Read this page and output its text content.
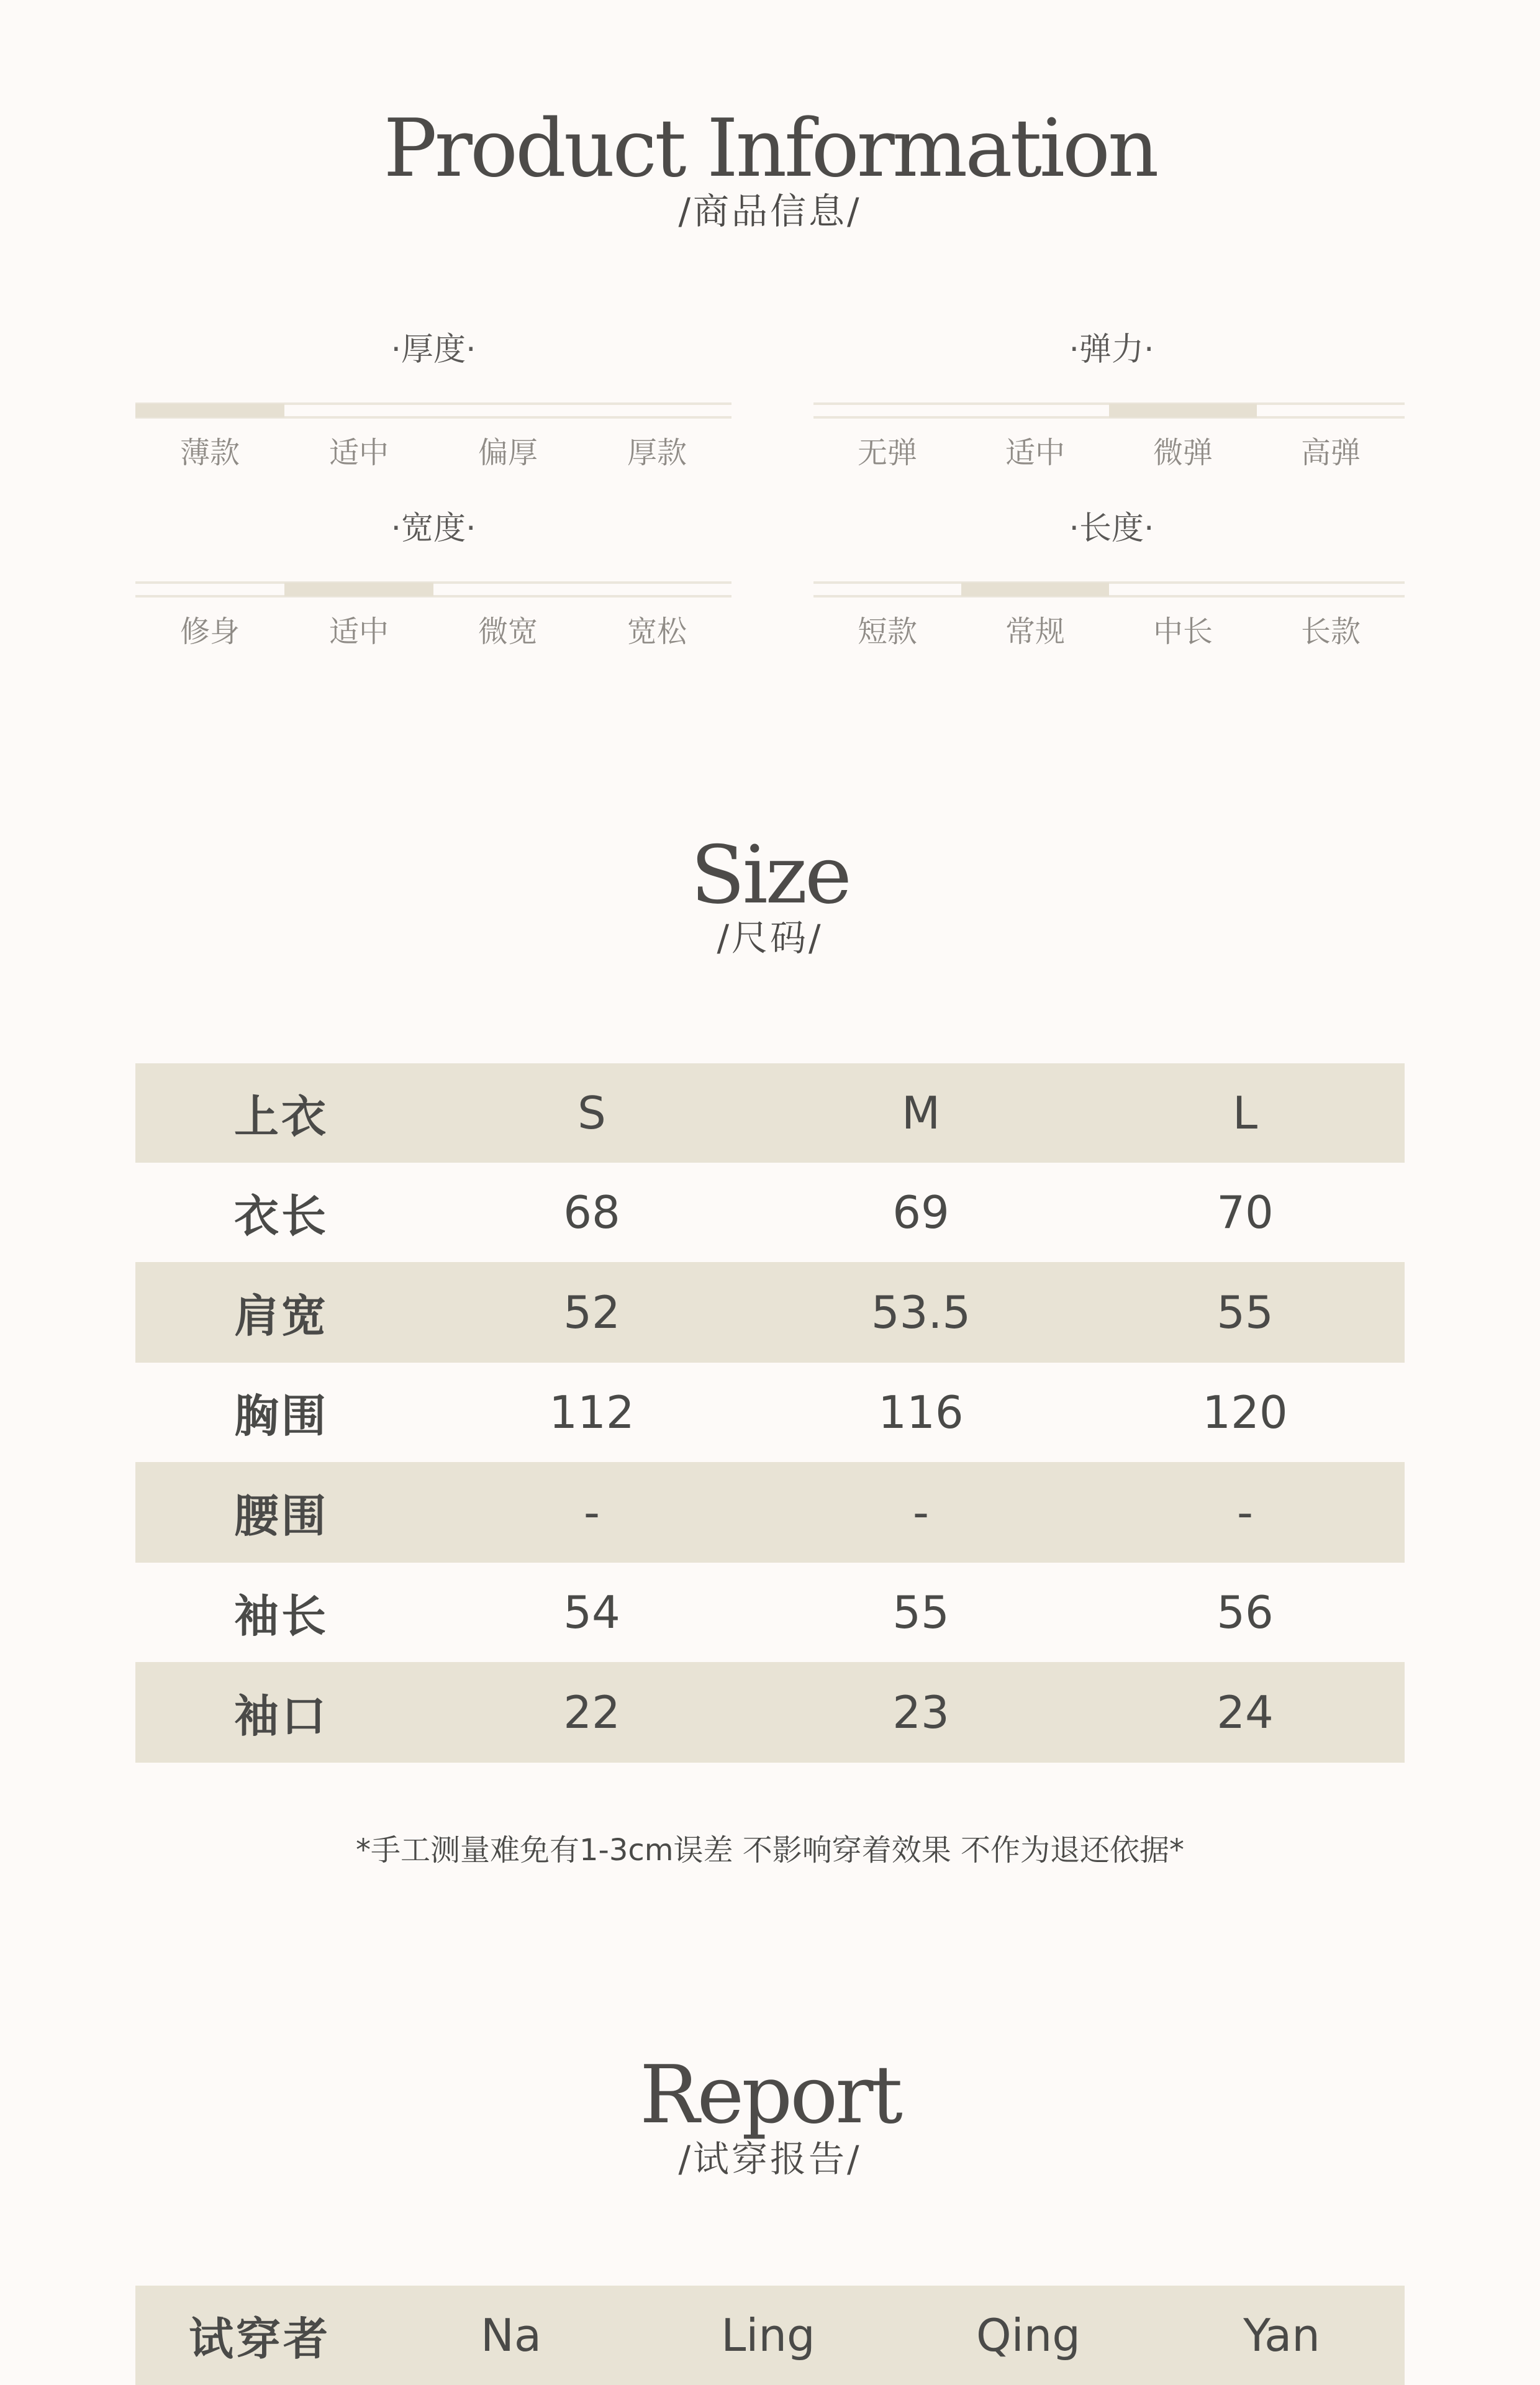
Product Information
/商品信息/
·厚度·
薄款	适中	偏厚	厚款
·弹力·
无弹	适中	微弹	高弹
·宽度·
修身	适中	微宽	宽松
·长度·
短款	常规	中长	长款
Size
/尺码/
上衣	S	M	L
衣长	68	69	70
肩宽	52	53.5	55
胸围	112	116	120
腰围	-	-	-
袖长	54	55	56
袖口	22	23	24
*手工测量难免有1-3cm误差 不影响穿着效果 不作为退还依据*
Report
/试穿报告/
试穿者	Na	Ling	Qing	Yan
